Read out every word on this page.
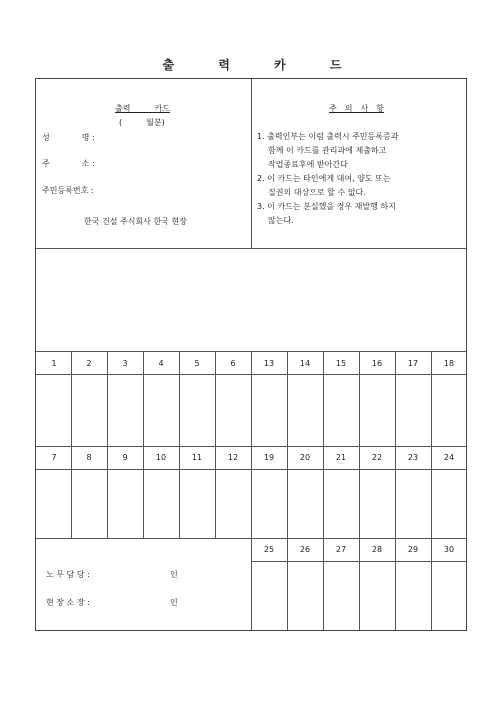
출 력 카 드
출력　　　카드
(　　　월분)
성　　　　명 :
주　　　　소 :
주민등록번호 :
한국 건설 주식회사 한국 현장
주　의　사　항
1. 출력인부는 이럼 출력시 주민등록증과
함께 이 카드를 관리과에 제출하고
작업종료후에 받아간다
2. 이 카드는 타인에게 대여, 양도 또는
질권의 대상으로 할 수 없다.
3. 이 카드는 분실했을 경우 재발행 하지
않는다.
1	2	3	4	5	6	13	14	15	16	17	18
7	8	9	10	11	12	19	20	21	22	23	24
25	26	27	28	29	30
노 무 담 당 :	인
현 장 소 장 :	인
